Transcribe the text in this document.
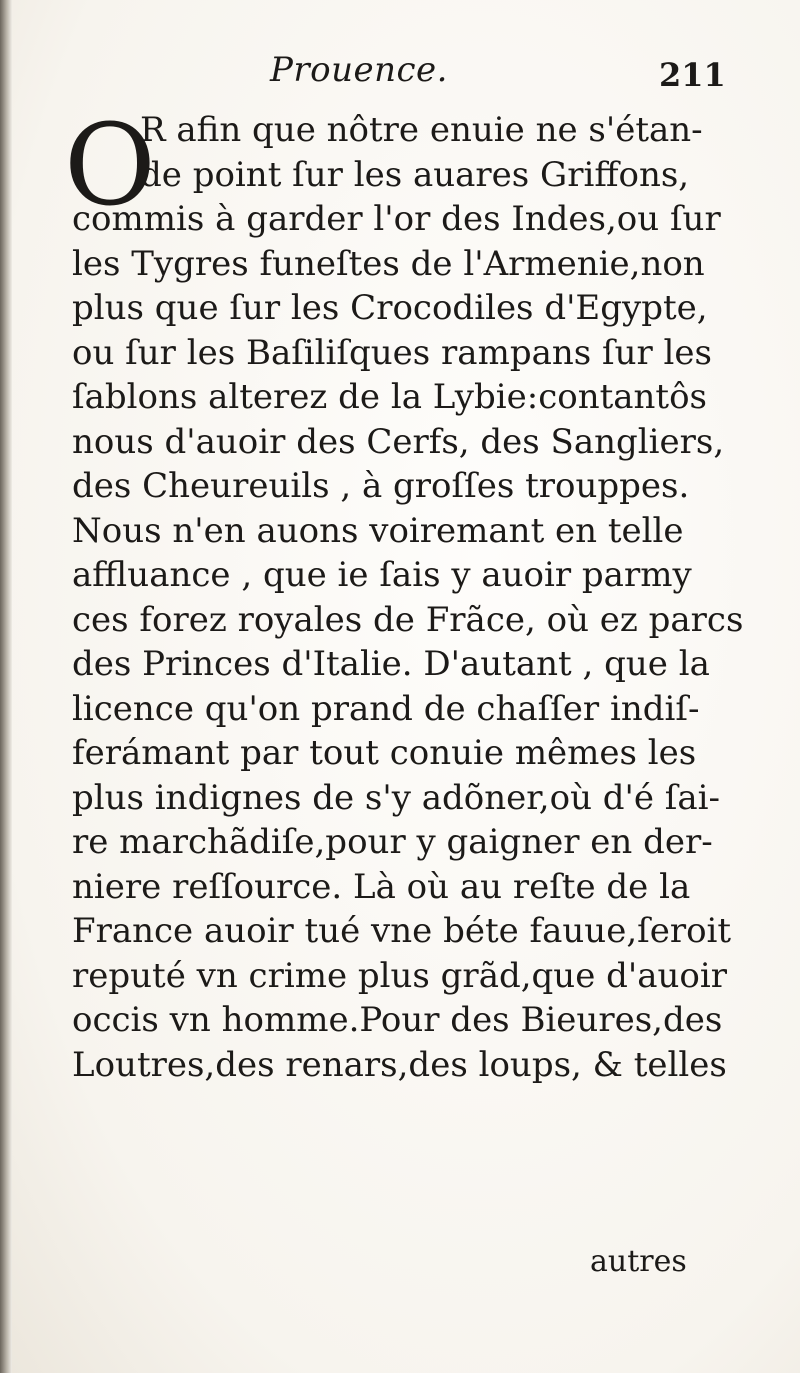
Prouence.	211
O
R afin que nôtre enuie ne s'étan-
de point ſur les auares Griffons,
commis à garder l'or des Indes,ou ſur
les Tygres funeſtes de l'Armenie,non
plus que ſur les Crocodiles d'Egypte,
ou ſur les Baſiliſques rampans ſur les
ſablons alterez de la Lybie:contantôs
nous d'auoir des Cerfs, des Sangliers,
des Cheureuils , à groſſes trouppes.
Nous n'en auons voiremant en telle
affluance , que ie ſais y auoir parmy
ces forez royales de Frãce, où ez parcs
des Princes d'Italie. D'autant , que la
licence qu'on prand de chaſſer indiſ-
ferámant par tout conuie mêmes les
plus indignes de s'y adõner,où d'é ſai-
re marchãdiſe,pour y gaigner en der-
niere reſſource. Là où au reſte de la
France auoir tué vne béte fauue,ſeroit
reputé vn crime plus grãd,que d'auoir
occis vn homme.Pour des Bieures,des
Loutres,des renars,des loups, & telles
autres
